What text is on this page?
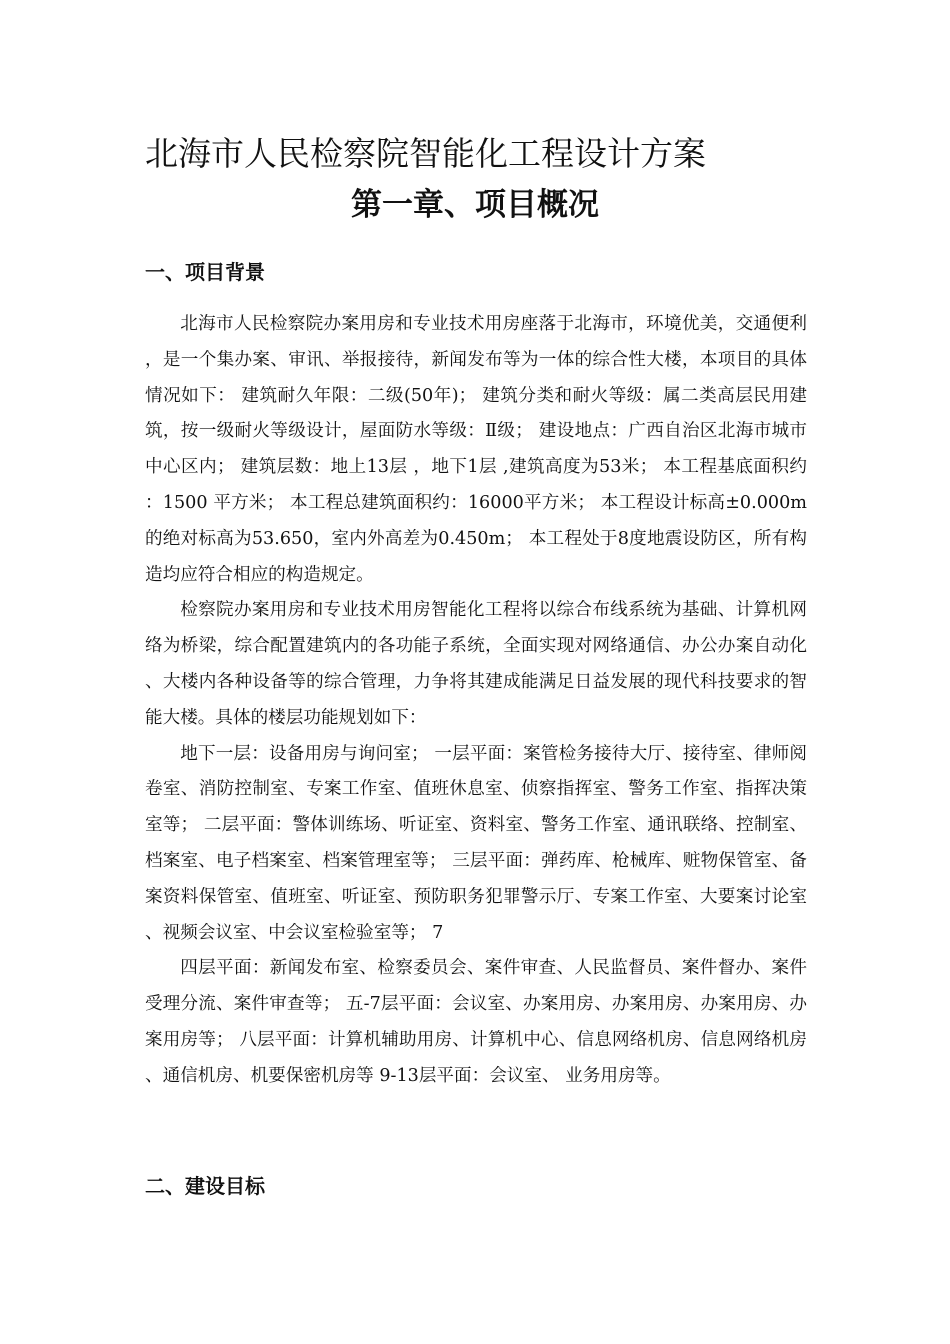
北海市人民检察院智能化工程设计方案
第一章、项目概况
一、项目背景

北海市人民检察院办案用房和专业技术用房座落于北海市，环境优美，交通便利，是一个集办案、审讯、举报接待，新闻发布等为一体的综合性大楼，本项目的具体情况如下： 建筑耐久年限：二级(50年)； 建筑分类和耐火等级：属二类高层民用建筑，按一级耐火等级设计，屋面防水等级：Ⅱ级； 建设地点：广西自治区北海市城市中心区内； 建筑层数：地上13层 ，地下1层 ,建筑高度为53米； 本工程基底面积约：1500 平方米； 本工程总建筑面积约：16000平方米； 本工程设计标高±0.000m的绝对标高为53.650，室内外高差为0.450m； 本工程处于8度地震设防区，所有构造均应符合相应的构造规定。

检察院办案用房和专业技术用房智能化工程将以综合布线系统为基础、计算机网络为桥梁，综合配置建筑内的各功能子系统，全面实现对网络通信、办公办案自动化、大楼内各种设备等的综合管理，力争将其建成能满足日益发展的现代科技要求的智能大楼。具体的楼层功能规划如下：

地下一层：设备用房与询问室； 一层平面：案管检务接待大厅、接待室、律师阅卷室、消防控制室、专案工作室、值班休息室、侦察指挥室、警务工作室、指挥决策室等； 二层平面：警体训练场、听证室、资料室、警务工作室、通讯联络、控制室、档案室、电子档案室、档案管理室等； 三层平面：弹药库、枪械库、赃物保管室、备案资料保管室、值班室、听证室、预防职务犯罪警示厅、专案工作室、大要案讨论室、视频会议室、中会议室检验室等； 7

四层平面：新闻发布室、检察委员会、案件审查、人民监督员、案件督办、案件受理分流、案件审查等； 五-7层平面：会议室、办案用房、办案用房、办案用房、办案用房等； 八层平面：计算机辅助用房、计算机中心、信息网络机房、信息网络机房、通信机房、机要保密机房等 9-13层平面：会议室、 业务用房等。

二、建设目标
